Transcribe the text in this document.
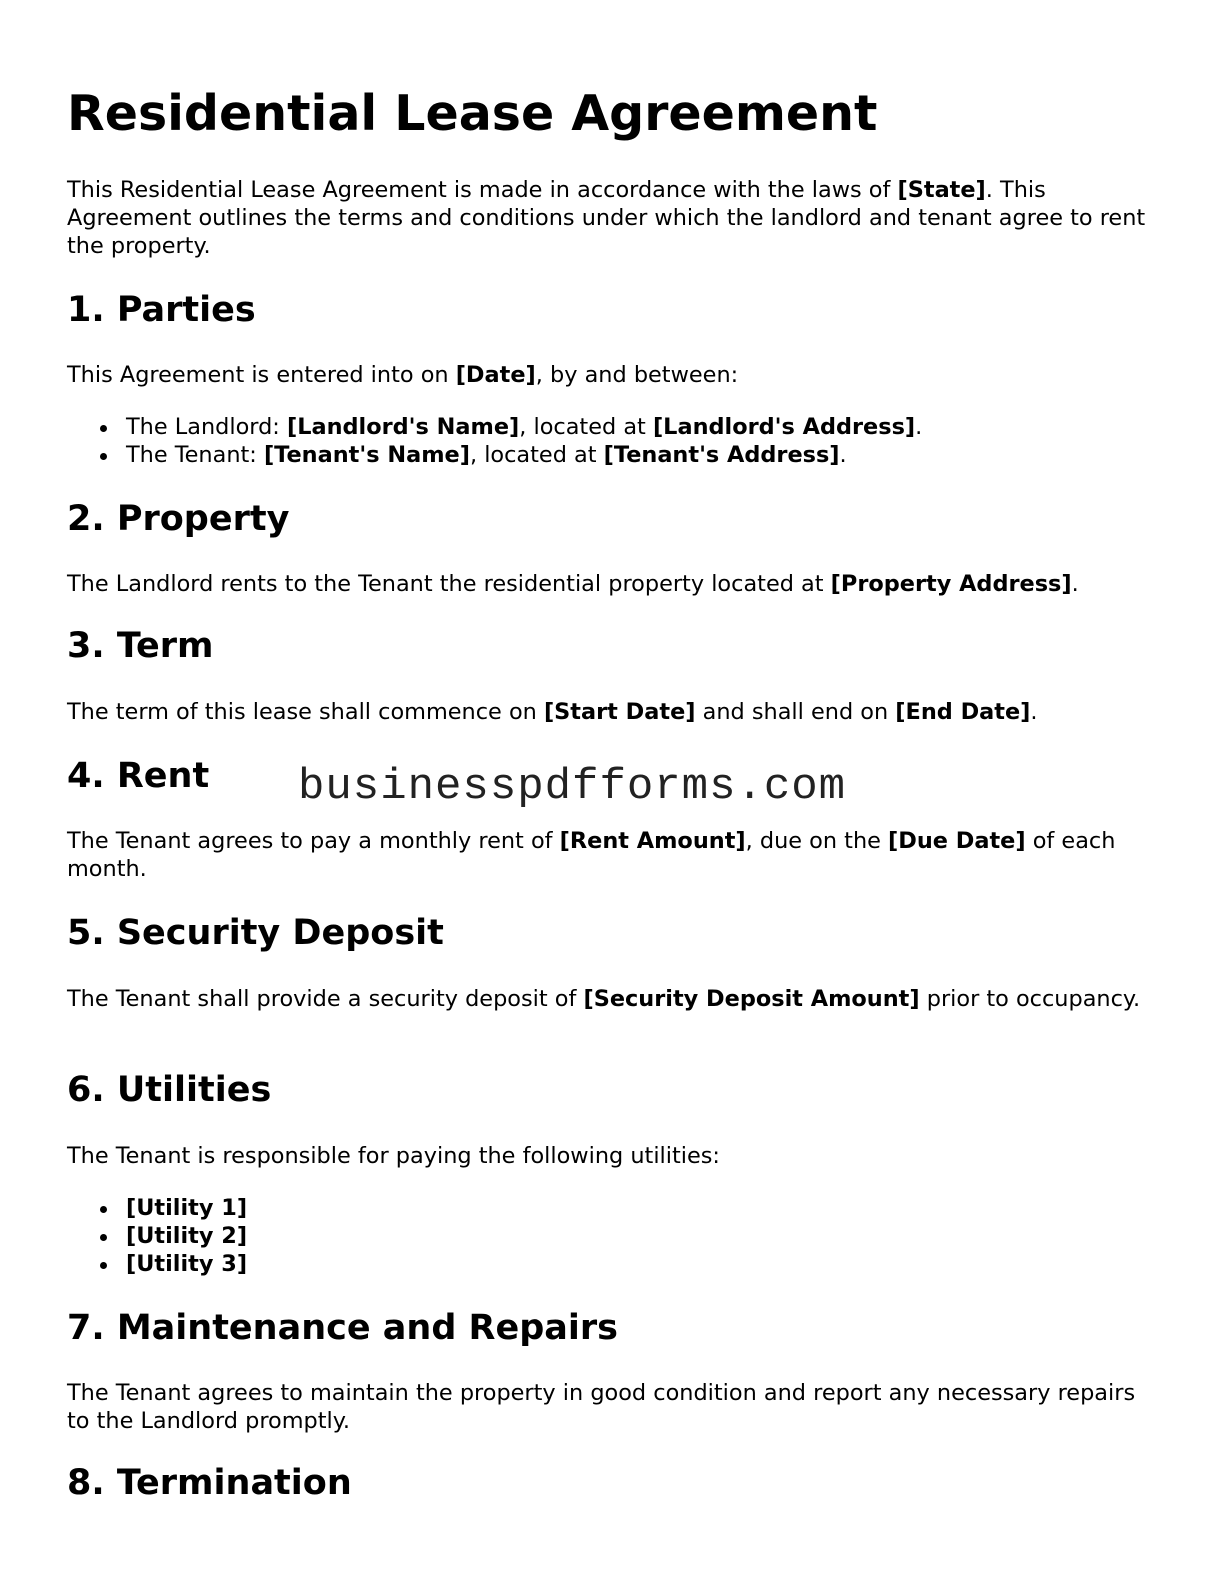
Residential Lease Agreement

This Residential Lease Agreement is made in accordance with the laws of [State]. This Agreement outlines the terms and conditions under which the landlord and tenant agree to rent the property.

1. Parties

This Agreement is entered into on [Date], by and between:

The Landlord: [Landlord's Name], located at [Landlord's Address].
The Tenant: [Tenant's Name], located at [Tenant's Address].
2. Property

The Landlord rents to the Tenant the residential property located at [Property Address].

3. Term

The term of this lease shall commence on [Start Date] and shall end on [End Date].

4. Rent

The Tenant agrees to pay a monthly rent of [Rent Amount], due on the [Due Date] of each month.

5. Security Deposit

The Tenant shall provide a security deposit of [Security Deposit Amount] prior to occupancy.

6. Utilities

The Tenant is responsible for paying the following utilities:

[Utility 1]
[Utility 2]
[Utility 3]
7. Maintenance and Repairs

The Tenant agrees to maintain the property in good condition and report any necessary repairs to the Landlord promptly.

8. Termination
businesspdfforms.com
